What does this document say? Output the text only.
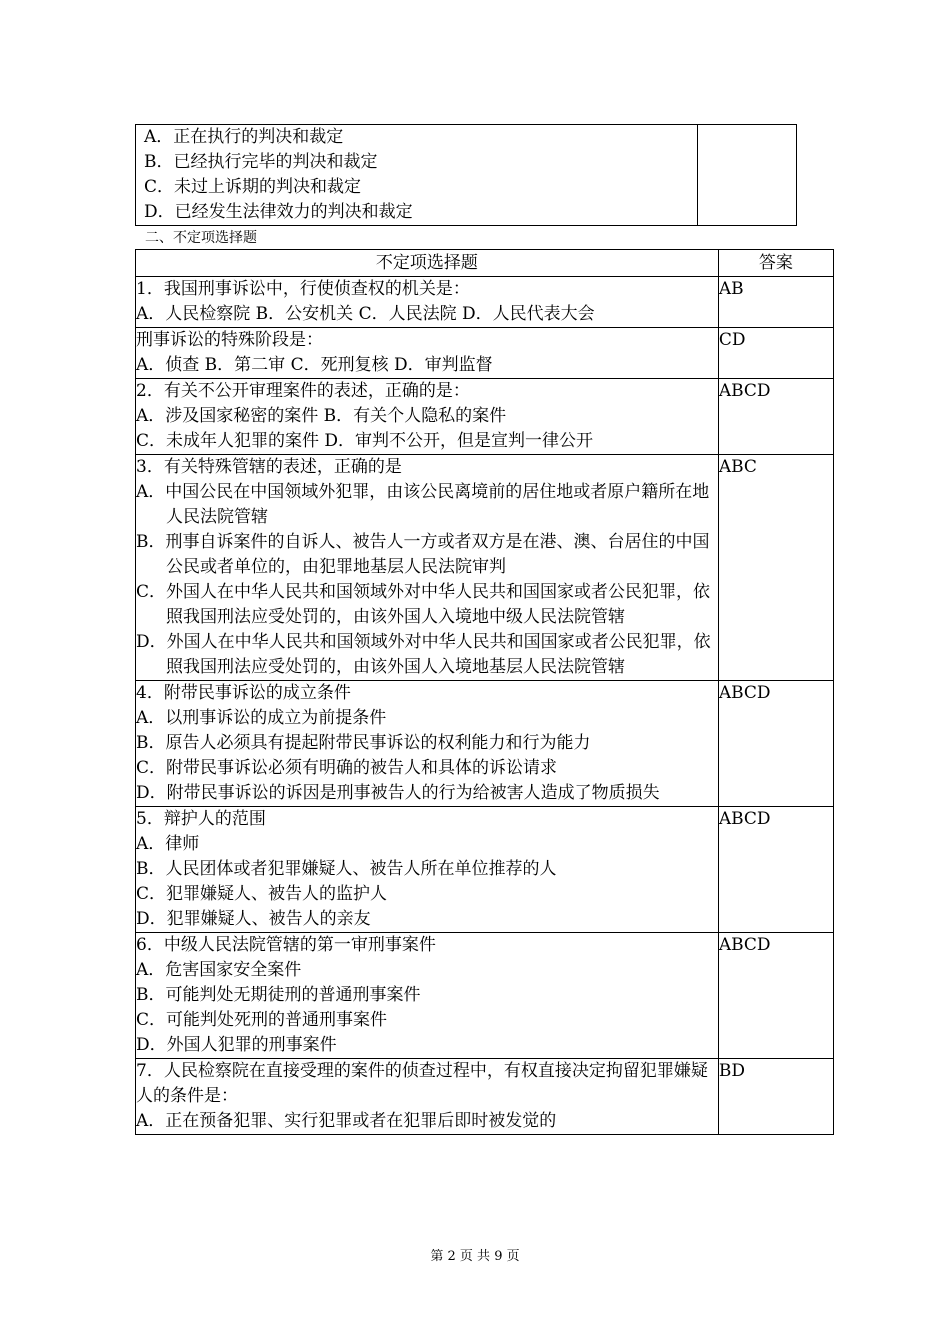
A．正在执行的判决和裁定
B．已经执行完毕的判决和裁定
C．未过上诉期的判决和裁定
D．已经发生法律效力的判决和裁定

二、不定项选择题
不定项选择题	答案

1．我国刑事诉讼中，行使侦查权的机关是：
A．人民检察院 B．公安机关 C．人民法院 D．人民代表大会	AB

刑事诉讼的特殊阶段是：
A．侦查 B．第二审 C．死刑复核 D．审判监督	CD

2．有关不公开审理案件的表述，正确的是：
A．涉及国家秘密的案件 B．有关个人隐私的案件
C．未成年人犯罪的案件 D．审判不公开，但是宣判一律公开	ABCD

3．有关特殊管辖的表述，正确的是
A．中国公民在中国领域外犯罪，由该公民离境前的居住地或者原户籍所在地人民法院管辖
B．刑事自诉案件的自诉人、被告人一方或者双方是在港、澳、台居住的中国公民或者单位的，由犯罪地基层人民法院审判
C．外国人在中华人民共和国领域外对中华人民共和国国家或者公民犯罪，依照我国刑法应受处罚的，由该外国人入境地中级人民法院管辖
D．外国人在中华人民共和国领域外对中华人民共和国国家或者公民犯罪，依照我国刑法应受处罚的，由该外国人入境地基层人民法院管辖	ABC

4．附带民事诉讼的成立条件
A．以刑事诉讼的成立为前提条件
B．原告人必须具有提起附带民事诉讼的权利能力和行为能力
C．附带民事诉讼必须有明确的被告人和具体的诉讼请求
D．附带民事诉讼的诉因是刑事被告人的行为给被害人造成了物质损失	ABCD

5．辩护人的范围
A．律师
B．人民团体或者犯罪嫌疑人、被告人所在单位推荐的人
C．犯罪嫌疑人、被告人的监护人
D．犯罪嫌疑人、被告人的亲友	ABCD

6．中级人民法院管辖的第一审刑事案件
A．危害国家安全案件
B．可能判处无期徒刑的普通刑事案件
C．可能判处死刑的普通刑事案件
D．外国人犯罪的刑事案件	ABCD

7．人民检察院在直接受理的案件的侦查过程中，有权直接决定拘留犯罪嫌疑人的条件是：
A．正在预备犯罪、实行犯罪或者在犯罪后即时被发觉的	BD
第 2 页 共 9 页
